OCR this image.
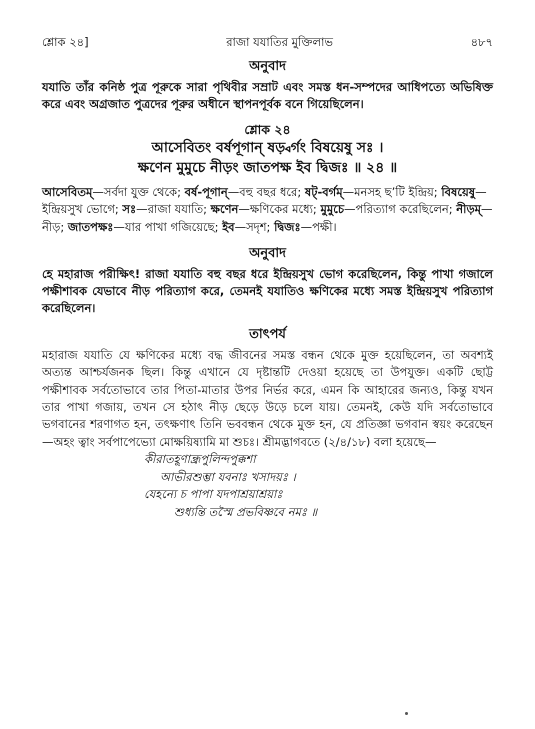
শ্লোক ২৪]	রাজা যযাতির মুক্তিলাভ	৪৮৭
অনুবাদ

যযাতি তাঁর কনিষ্ঠ পুত্র পূরুকে সারা পৃথিবীর সম্রাট এবং সমস্ত ধন-সম্পদের আধিপত্যে অভিষিক্ত করে এবং অগ্রজাত পুত্রদের পূরুর অধীনে স্থাপনপূর্বক বনে গিয়েছিলেন।

শ্লোক ২৪
আসেবিতং বর্ষপূগান্ ষড়্বর্গং বিষয়েষু সঃ ।
ক্ষণেন মুমুচে নীড়ং জাতপক্ষ ইব দ্বিজঃ ॥ ২৪ ॥

আসেবিতম্—সর্বদা যুক্ত থেকে; বর্ষ-পূগান্—বহু বছর ধরে; ষট্-বর্গম্—মনসহ ছ’টি ইন্দ্রিয়; বিষয়েষু—ইন্দ্রিয়সুখ ভোগে; সঃ—রাজা যযাতি; ক্ষণেন—ক্ষণিকের মধ্যে; মুমুচে—পরিত্যাগ করেছিলেন; নীড়ম্—নীড়; জাতপক্ষঃ—যার পাখা গজিয়েছে; ইব—সদৃশ; দ্বিজঃ—পক্ষী।

অনুবাদ

হে মহারাজ পরীক্ষিৎ! রাজা যযাতি বহু বছর ধরে ইন্দ্রিয়সুখ ভোগ করেছিলেন, কিন্তু পাখা গজালে পক্ষীশাবক যেভাবে নীড় পরিত্যাগ করে, তেমনই যযাতিও ক্ষণিকের মধ্যে সমস্ত ইন্দ্রিয়সুখ পরিত্যাগ করেছিলেন।

তাৎপর্য

মহারাজ যযাতি যে ক্ষণিকের মধ্যে বদ্ধ জীবনের সমস্ত বন্ধন থেকে মুক্ত হয়েছিলেন, তা অবশ্যই অত্যন্ত আশ্চর্যজনক ছিল। কিন্তু এখানে যে দৃষ্টান্তটি দেওয়া হয়েছে তা উপযুক্ত। একটি ছোট্ট পক্ষীশাবক সর্বতোভাবে তার পিতা-মাতার উপর নির্ভর করে, এমন কি আহারের জন্যও, কিন্তু যখন তার পাখা গজায়, তখন সে হঠাৎ নীড় ছেড়ে উড়ে চলে যায়। তেমনই, কেউ যদি সর্বতোভাবে ভগবানের শরণাগত হন, তৎক্ষণাৎ তিনি ভববন্ধন থেকে মুক্ত হন, যে প্রতিজ্ঞা ভগবান স্বয়ং করেছেন—অহং ত্বাং সর্বপাপেভ্যো মোক্ষয়িষ্যামি মা শুচঃ। শ্রীমদ্ভাগবতে (২/৪/১৮) বলা হয়েছে—

কীরাতহূণান্ধ্রপুলিন্দপুক্কশা
আভীরশুম্ভা যবনাঃ খসাদয়ঃ ।
যেহন্যে চ পাপা যদপাশ্রয়াশ্রয়াঃ
শুধ্যন্তি তস্মৈ প্রভবিষ্ণবে নমঃ ॥
